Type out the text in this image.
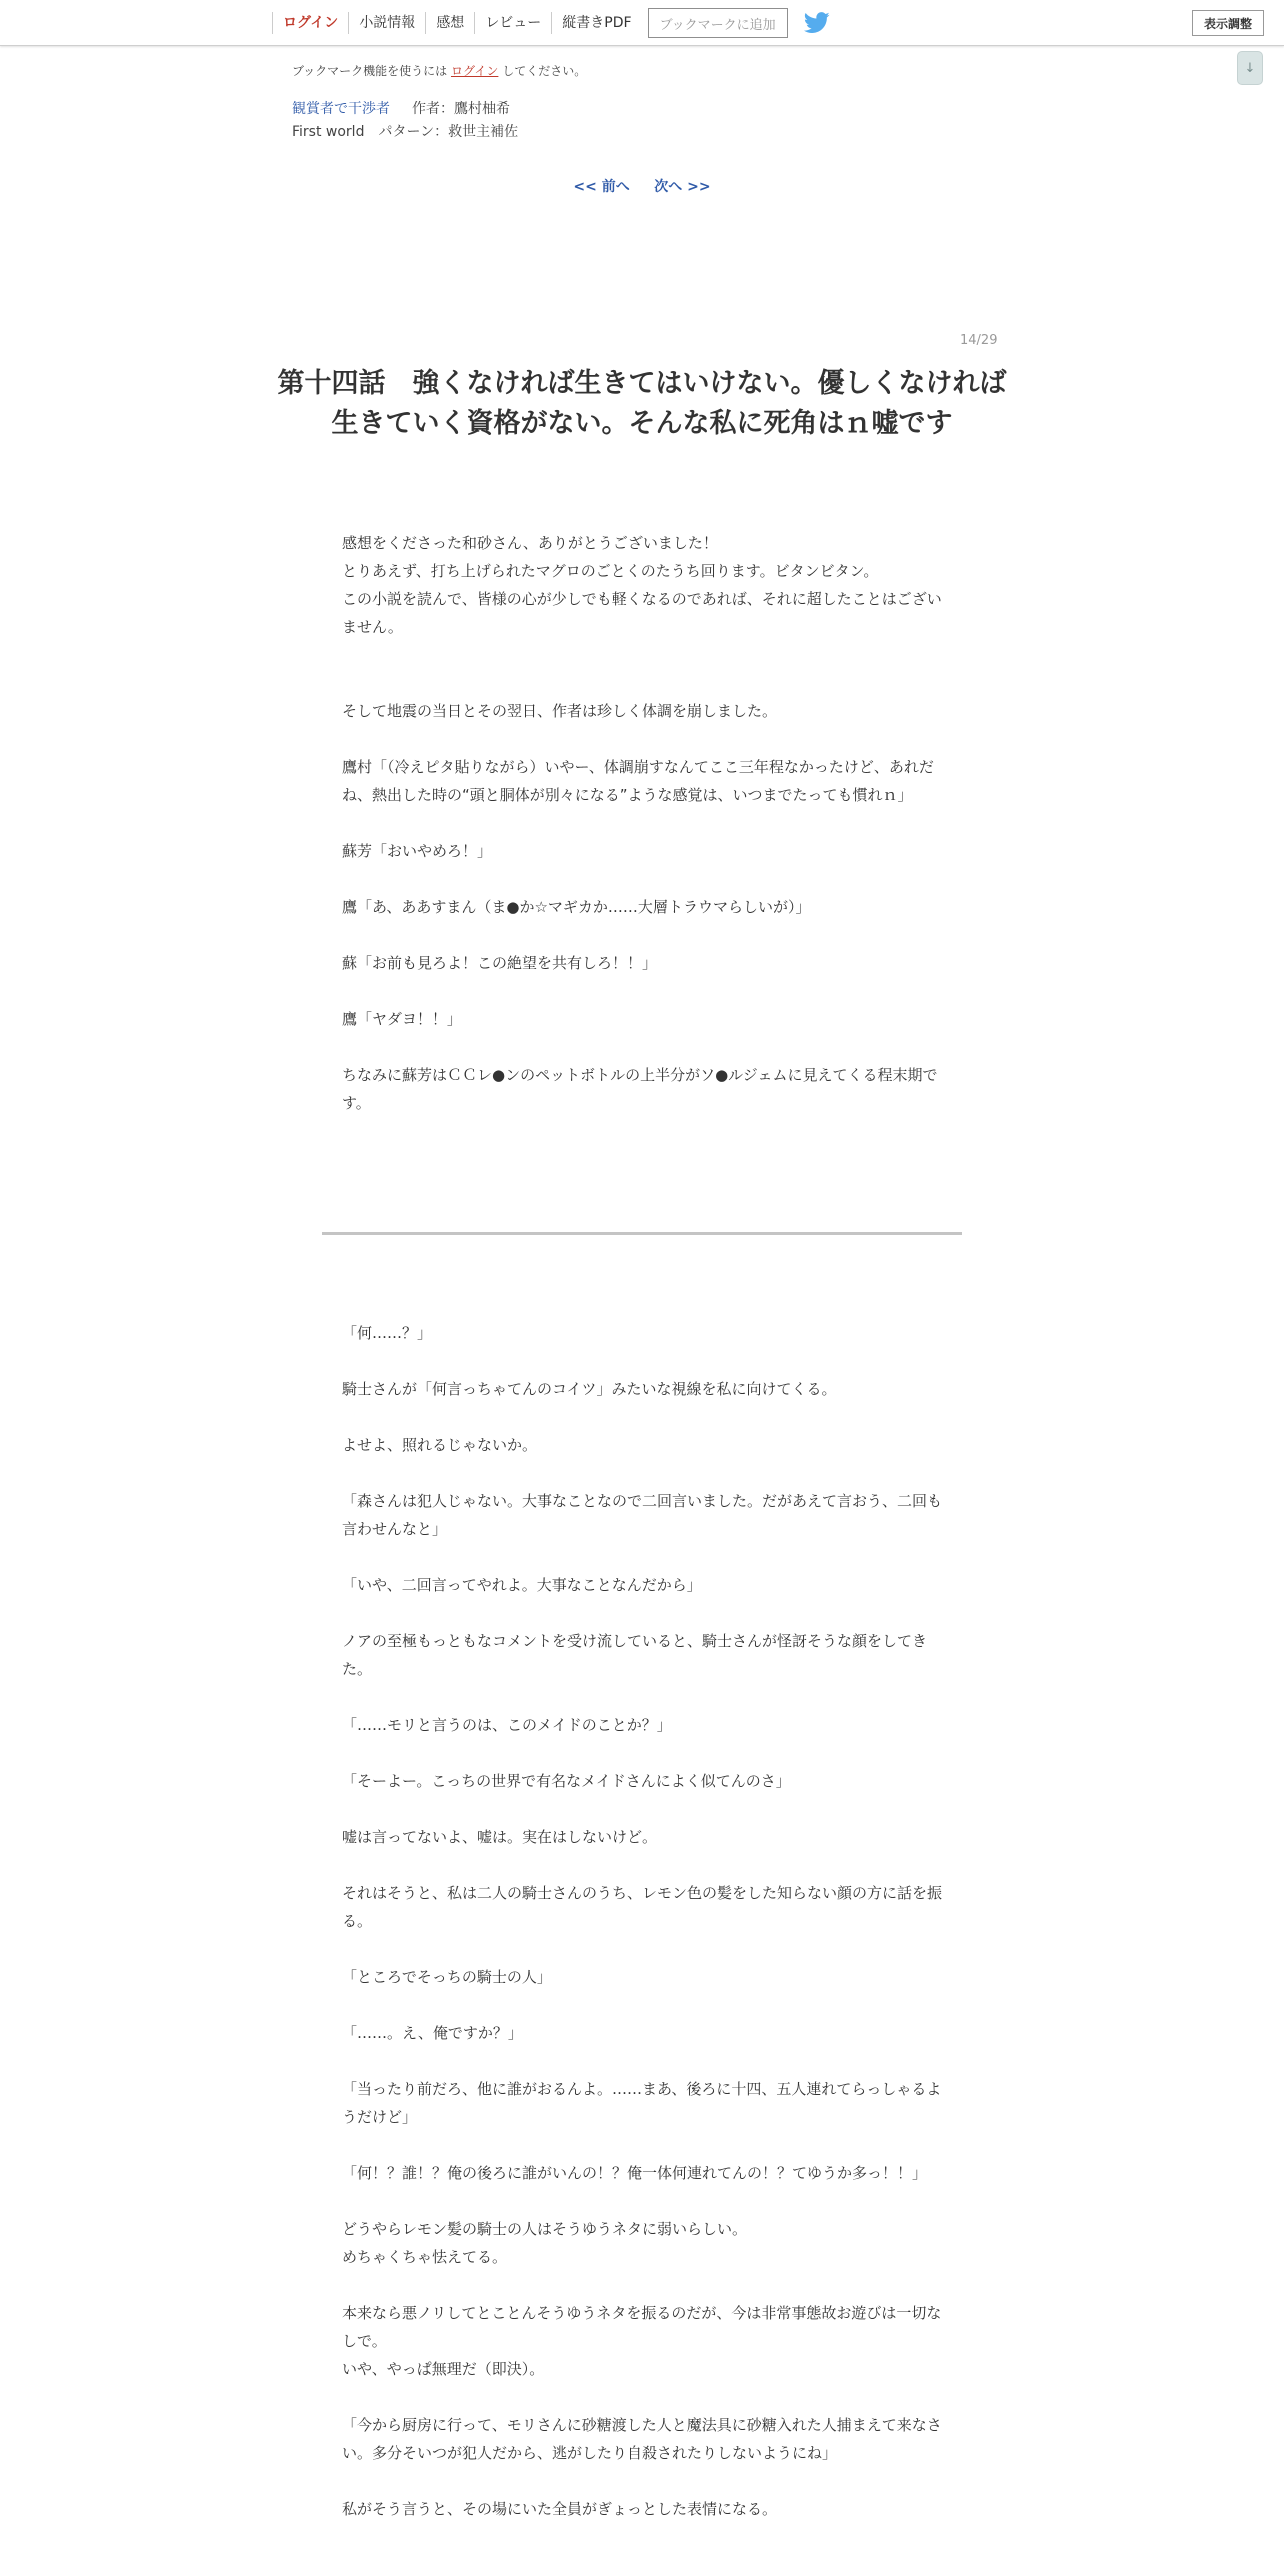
ログイン	小説情報	感想	レビュー	縦書きPDF	ブックマークに追加	表示調整
↓
ブックマーク機能を使うには ログイン してください。
観賞者で干渉者 作者：鷹村柚希
First world　パターン：救世主補佐
<< 前へ 次へ >>
14/29
第十四話　強くなければ生きてはいけない。優しくなければ生きていく資格がない。そんな私に死角はｎ嘘です

感想をくださった和砂さん、ありがとうございました！
とりあえず、打ち上げられたマグロのごとくのたうち回ります。ビタンビタン。
この小説を読んで、皆様の心が少しでも軽くなるのであれば、それに超したことはございません。

そして地震の当日とその翌日、作者は珍しく体調を崩しました。

鷹村「（冷えピタ貼りながら）いやー、体調崩すなんてここ三年程なかったけど、あれだね、熱出した時の“頭と胴体が別々になる”ような感覚は、いつまでたっても慣れｎ」

蘇芳「おいやめろ！」

鷹「あ、ああすまん（ま●か☆マギカか……大層トラウマらしいが）」

蘇「お前も見ろよ！この絶望を共有しろ！！」

鷹「ヤダヨ！！」

ちなみに蘇芳はＣＣレ●ンのペットボトルの上半分がソ●ルジェムに見えてくる程末期です。

「何……？」

騎士さんが「何言っちゃてんのコイツ」みたいな視線を私に向けてくる。

よせよ、照れるじゃないか。

「森さんは犯人じゃない。大事なことなので二回言いました。だがあえて言おう、二回も言わせんなと」

「いや、二回言ってやれよ。大事なことなんだから」

ノアの至極もっともなコメントを受け流していると、騎士さんが怪訝そうな顔をしてきた。

「……モリと言うのは、このメイドのことか？」

「そーよー。こっちの世界で有名なメイドさんによく似てんのさ」

嘘は言ってないよ、嘘は。実在はしないけど。

それはそうと、私は二人の騎士さんのうち、レモン色の髪をした知らない顔の方に話を振る。

「ところでそっちの騎士の人」

「……。え、俺ですか？」

「当ったり前だろ、他に誰がおるんよ。……まあ、後ろに十四、五人連れてらっしゃるようだけど」

「何！？誰！？俺の後ろに誰がいんの！？俺一体何連れてんの！？てゆうか多っ！！」

どうやらレモン髪の騎士の人はそうゆうネタに弱いらしい。
めちゃくちゃ怯えてる。

本来なら悪ノリしてとことんそうゆうネタを振るのだが、今は非常事態故お遊びは一切なしで。
いや、やっぱ無理だ（即決）。

「今から厨房に行って、モリさんに砂糖渡した人と魔法具に砂糖入れた人捕まえて来なさい。多分そいつが犯人だから、逃がしたり自殺されたりしないようにね」

私がそう言うと、その場にいた全員がぎょっとした表情になる。
